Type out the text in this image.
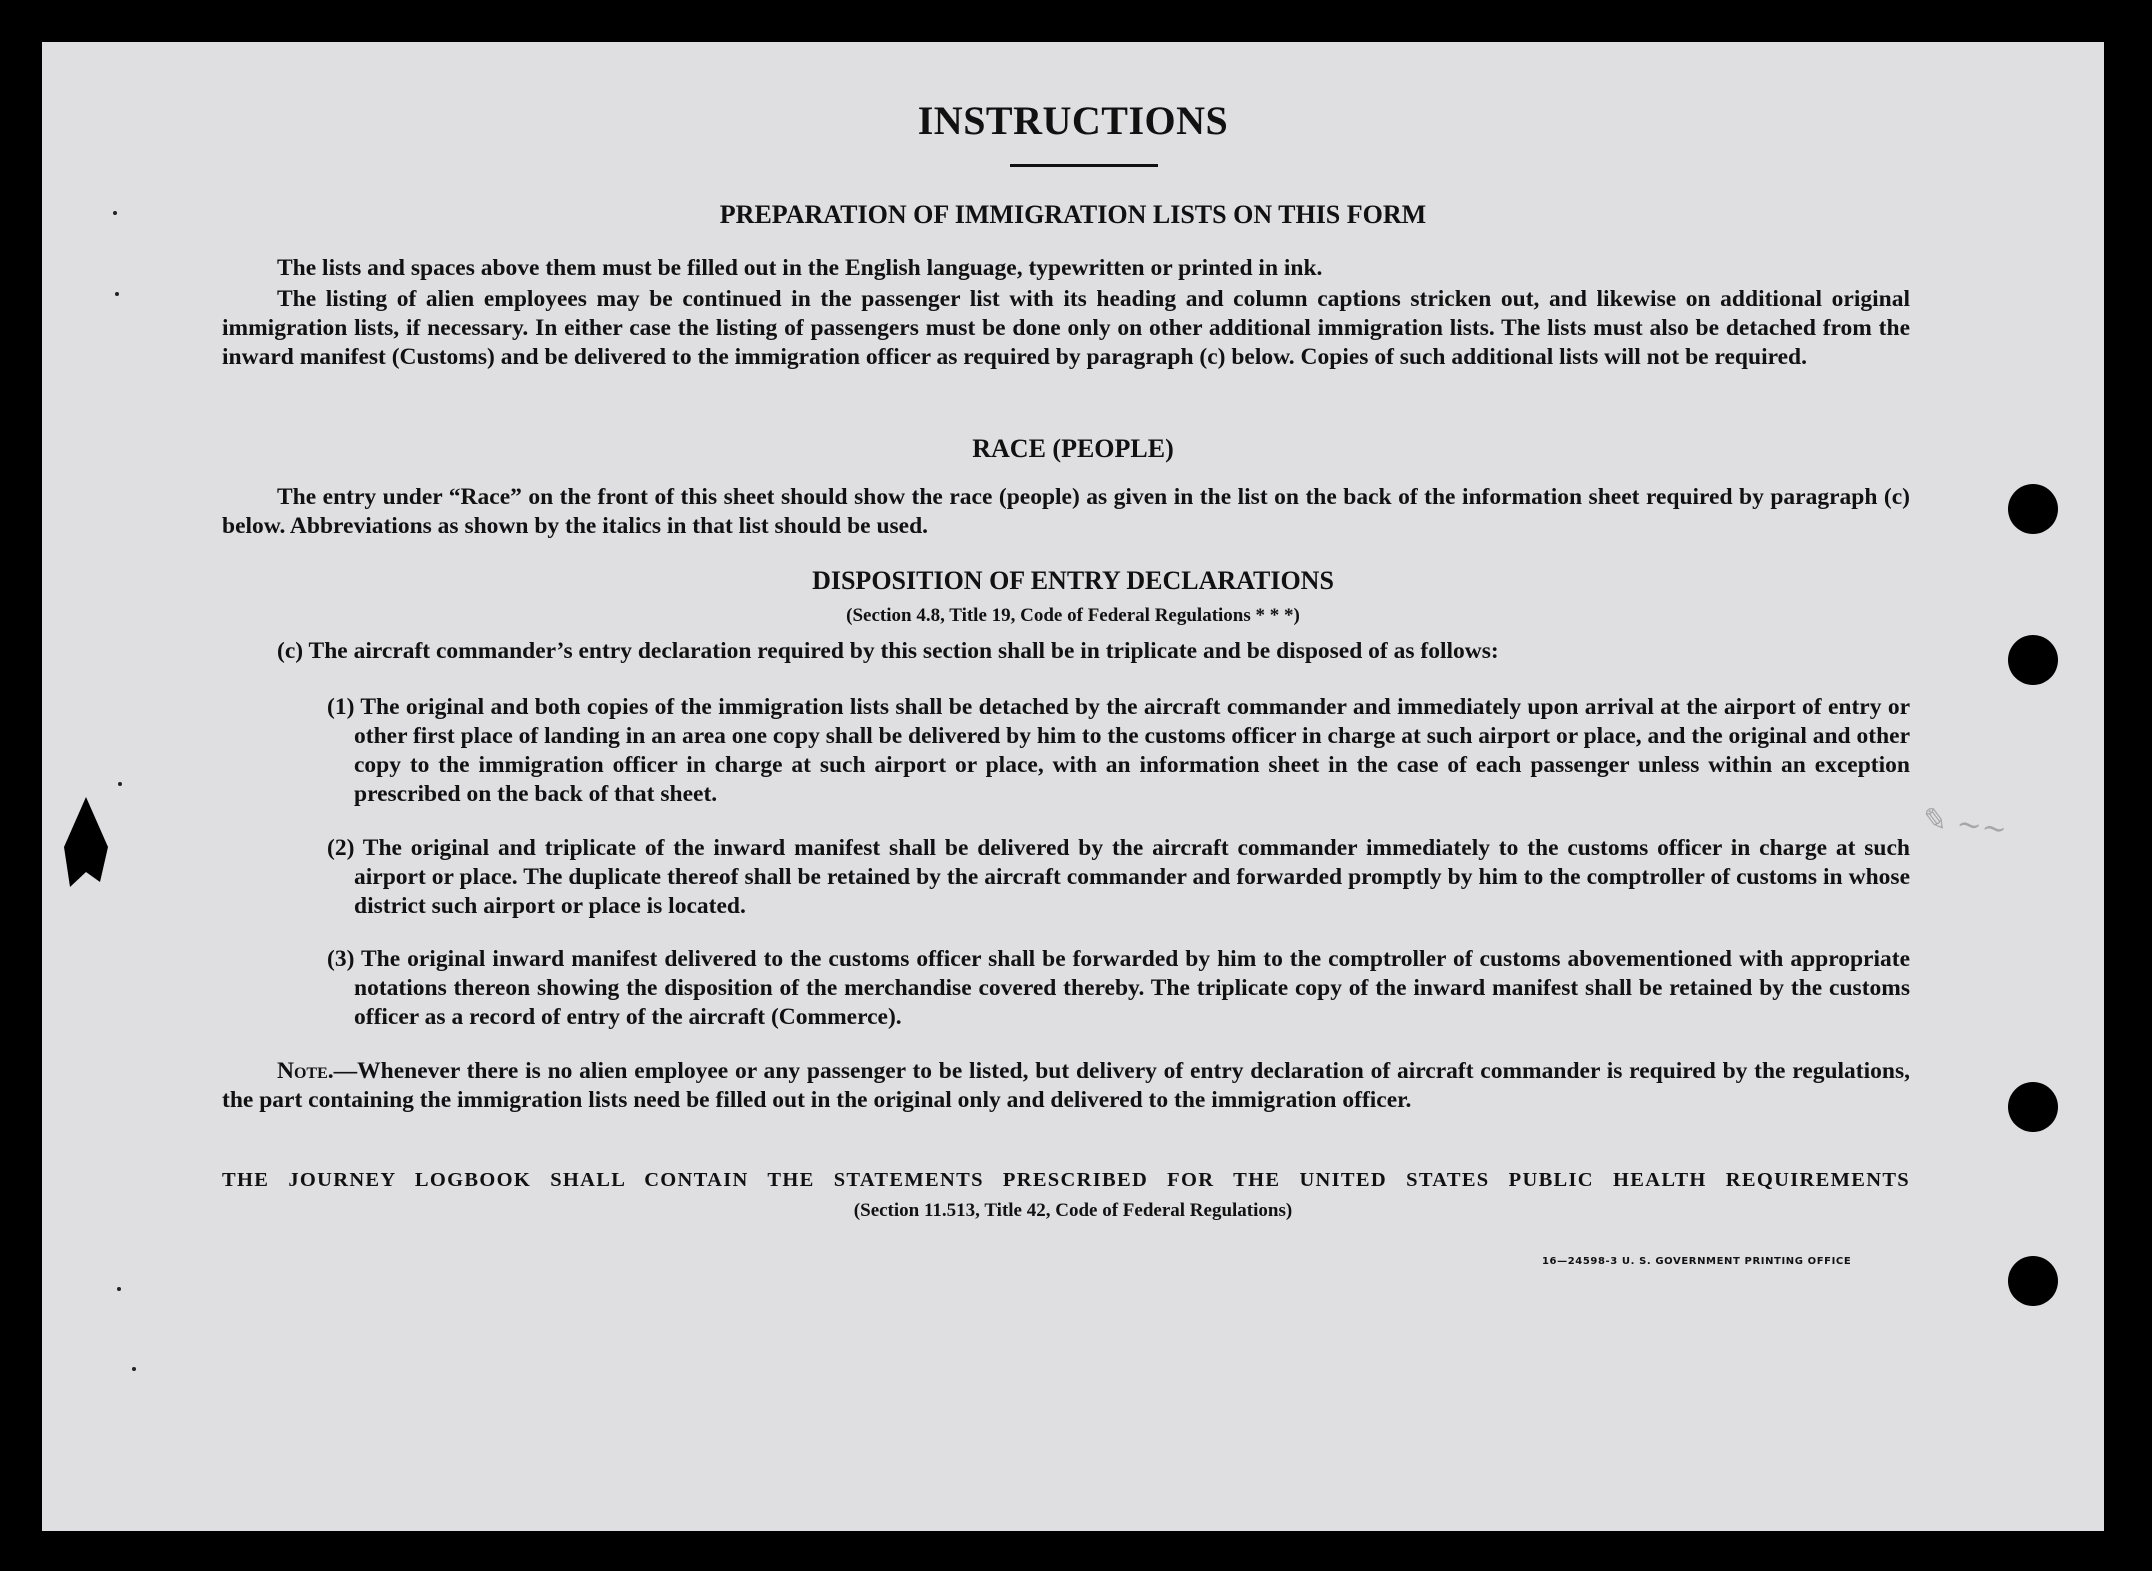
INSTRUCTIONS
PREPARATION OF IMMIGRATION LISTS ON THIS FORM
The lists and spaces above them must be filled out in the English language, typewritten or printed in ink.
The listing of alien employees may be continued in the passenger list with its heading and column captions stricken out, and likewise on additional original immigration lists, if necessary. In either case the listing of passengers must be done only on other additional immigration lists. The lists must also be detached from the inward manifest (Customs) and be delivered to the immigration officer as required by paragraph (c) below. Copies of such additional lists will not be required.
RACE (PEOPLE)
The entry under “Race” on the front of this sheet should show the race (people) as given in the list on the back of the information sheet required by paragraph (c) below. Abbreviations as shown by the italics in that list should be used.
DISPOSITION OF ENTRY DECLARATIONS
(Section 4.8, Title 19, Code of Federal Regulations * * *)
(c) The aircraft commander’s entry declaration required by this section shall be in triplicate and be disposed of as follows:
(1) The original and both copies of the immigration lists shall be detached by the aircraft commander and immediately upon arrival at the airport of entry or other first place of landing in an area one copy shall be delivered by him to the customs officer in charge at such airport or place, and the original and other copy to the immigration officer in charge at such airport or place, with an information sheet in the case of each passenger unless within an exception prescribed on the back of that sheet.
(2) The original and triplicate of the inward manifest shall be delivered by the aircraft commander immediately to the customs officer in charge at such airport or place. The duplicate thereof shall be retained by the aircraft commander and forwarded promptly by him to the comptroller of customs in whose district such airport or place is located.
(3) The original inward manifest delivered to the customs officer shall be forwarded by him to the comptroller of customs abovementioned with appropriate notations thereon showing the disposition of the merchandise covered thereby. The triplicate copy of the inward manifest shall be retained by the customs officer as a record of entry of the aircraft (Commerce).
Note.—Whenever there is no alien employee or any passenger to be listed, but delivery of entry declaration of aircraft commander is required by the regulations, the part containing the immigration lists need be filled out in the original only and delivered to the immigration officer.
THE JOURNEY LOGBOOK SHALL CONTAIN THE STATEMENTS PRESCRIBED FOR THE UNITED STATES PUBLIC HEALTH REQUIREMENTS
(Section 11.513, Title 42, Code of Federal Regulations)
16—24598-3 U. S. GOVERNMENT PRINTING OFFICE
✎ ∼∼
